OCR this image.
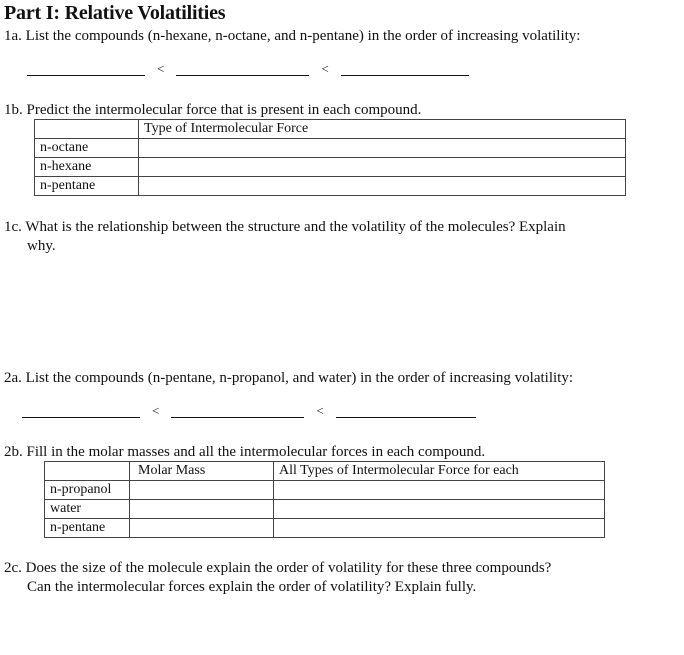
Part I: Relative Volatilities
1a. List the compounds (n-hexane, n-octane, and n-pentane) in the order of increasing volatility:
<	<
1b. Predict the intermolecular force that is present in each compound.
	Type of Intermolecular Force
n-octane	
n-hexane	
n-pentane	
1c. What is the relationship between the structure and the volatility of the molecules? Explain
why.
2a. List the compounds (n-pentane, n-propanol, and water) in the order of increasing volatility:
<	<
2b. Fill in the molar masses and all the intermolecular forces in each compound.
	Molar Mass	All Types of Intermolecular Force for each
n-propanol		
water		
n-pentane		
2c. Does the size of the molecule explain the order of volatility for these three compounds?
Can the intermolecular forces explain the order of volatility? Explain fully.
